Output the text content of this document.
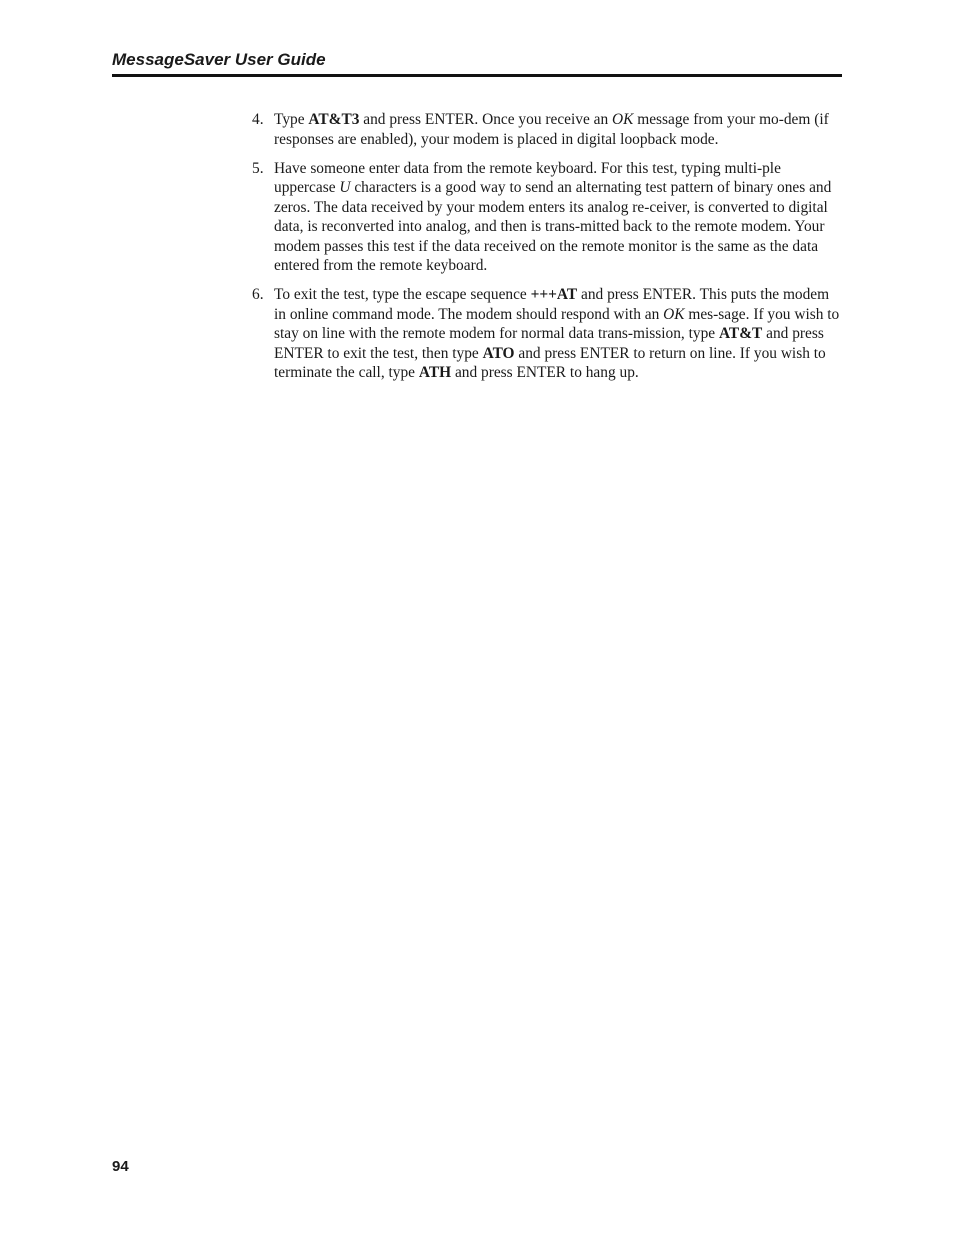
MessageSaver User Guide
4. Type AT&T3 and press ENTER. Once you receive an OK message from your mo-dem (if responses are enabled), your modem is placed in digital loopback mode.
5. Have someone enter data from the remote keyboard. For this test, typing multi-ple uppercase U characters is a good way to send an alternating test pattern of binary ones and zeros. The data received by your modem enters its analog re-ceiver, is converted to digital data, is reconverted into analog, and then is trans-mitted back to the remote modem. Your modem passes this test if the data received on the remote monitor is the same as the data entered from the remote keyboard.
6. To exit the test, type the escape sequence +++AT and press ENTER. This puts the modem in online command mode. The modem should respond with an OK mes-sage. If you wish to stay on line with the remote modem for normal data trans-mission, type AT&T and press ENTER to exit the test, then type ATO and press ENTER to return on line. If you wish to terminate the call, type ATH and press ENTER to hang up.
94
